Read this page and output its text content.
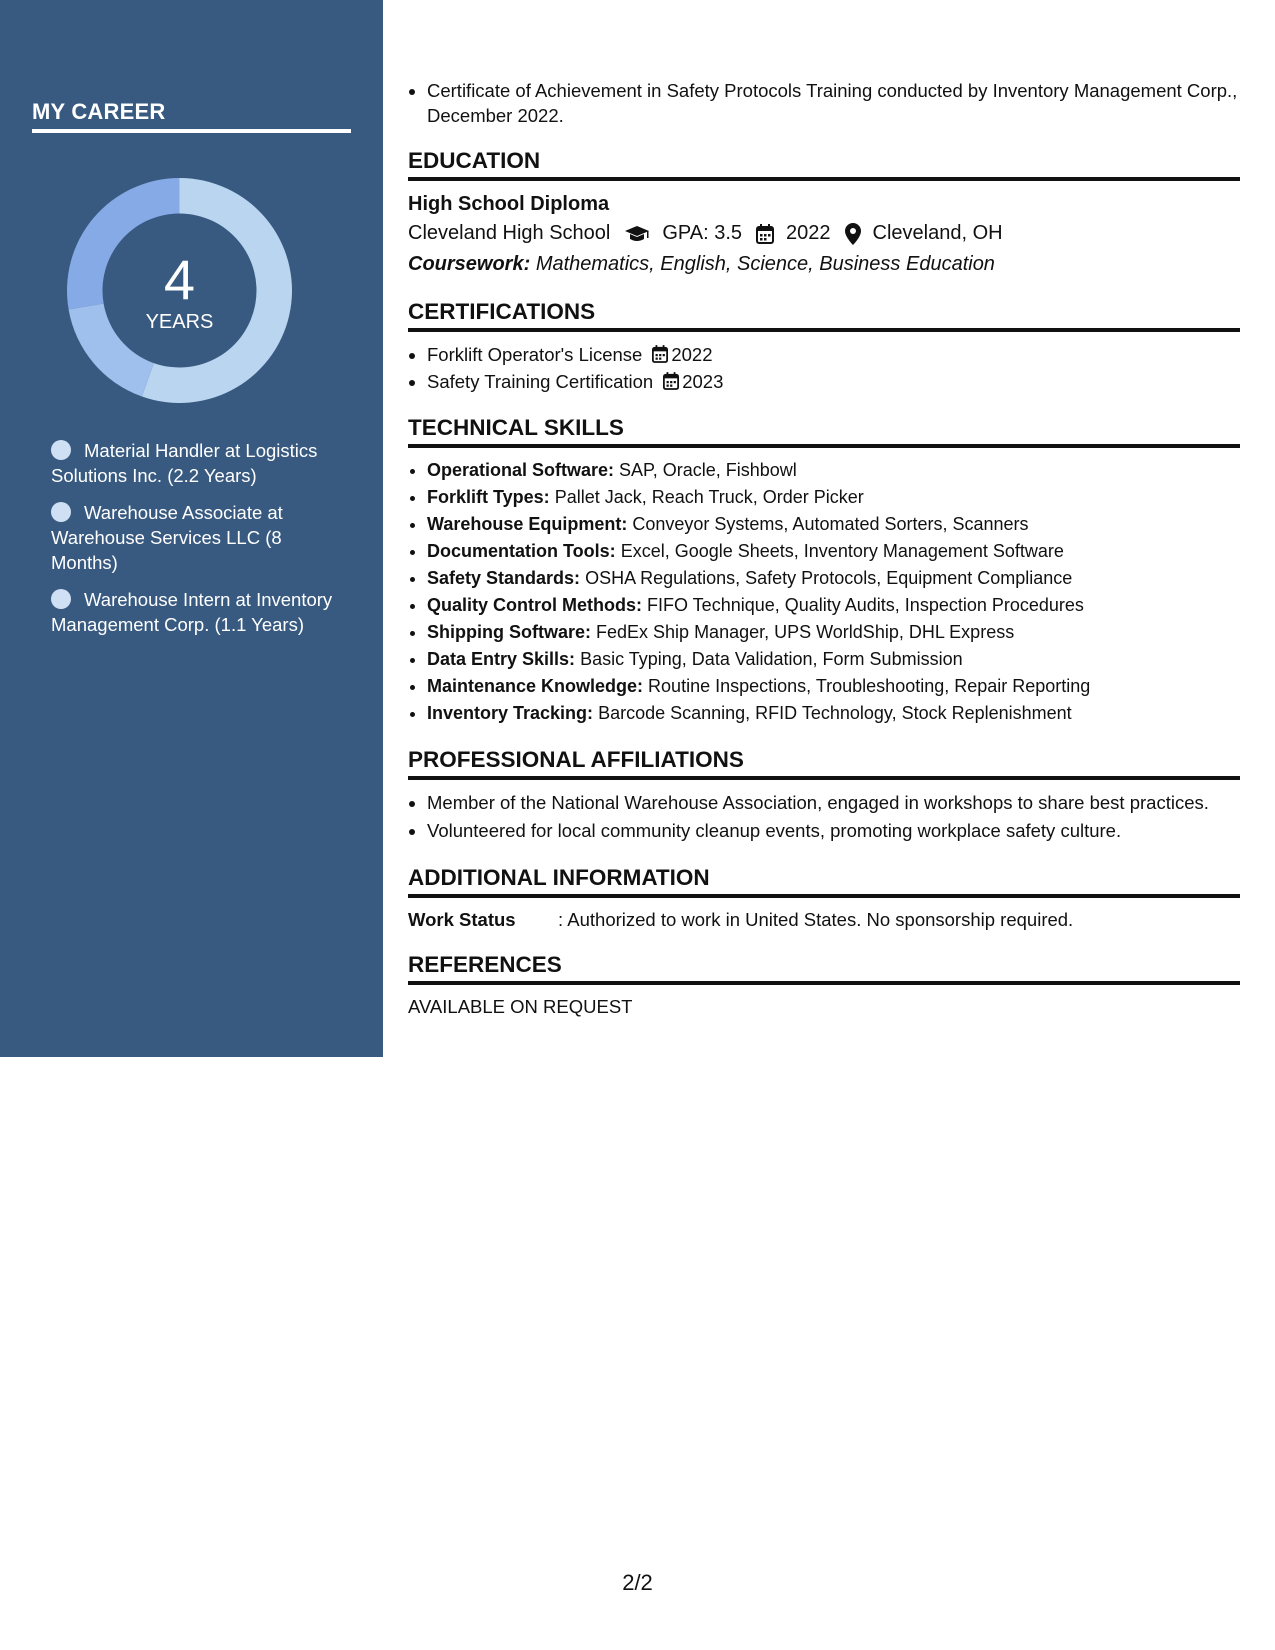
MY CAREER
4
YEARS
Material Handler at Logistics Solutions Inc. (2.2 Years)
Warehouse Associate at Warehouse Services LLC (8 Months)
Warehouse Intern at Inventory Management Corp. (1.1 Years)
• Certificate of Achievement in Safety Protocols Training conducted by Inventory Management Corp., December 2022.
EDUCATION
High School Diploma
Cleveland High School	GPA: 3.5 2022 Cleveland, OH
Coursework: Mathematics, English, Science, Business Education
CERTIFICATIONS
• Forklift Operator's License 2022
• Safety Training Certification 2023
TECHNICAL SKILLS
• Operational Software: SAP, Oracle, Fishbowl
• Forklift Types: Pallet Jack, Reach Truck, Order Picker
• Warehouse Equipment: Conveyor Systems, Automated Sorters, Scanners
• Documentation Tools: Excel, Google Sheets, Inventory Management Software
• Safety Standards: OSHA Regulations, Safety Protocols, Equipment Compliance
• Quality Control Methods: FIFO Technique, Quality Audits, Inspection Procedures
• Shipping Software: FedEx Ship Manager, UPS WorldShip, DHL Express
• Data Entry Skills: Basic Typing, Data Validation, Form Submission
• Maintenance Knowledge: Routine Inspections, Troubleshooting, Repair Reporting
• Inventory Tracking: Barcode Scanning, RFID Technology, Stock Replenishment
PROFESSIONAL AFFILIATIONS
• Member of the National Warehouse Association, engaged in workshops to share best practices.
• Volunteered for local community cleanup events, promoting workplace safety culture.
ADDITIONAL INFORMATION
Work Status	: Authorized to work in United States. No sponsorship required.
REFERENCES
AVAILABLE ON REQUEST
2/2
